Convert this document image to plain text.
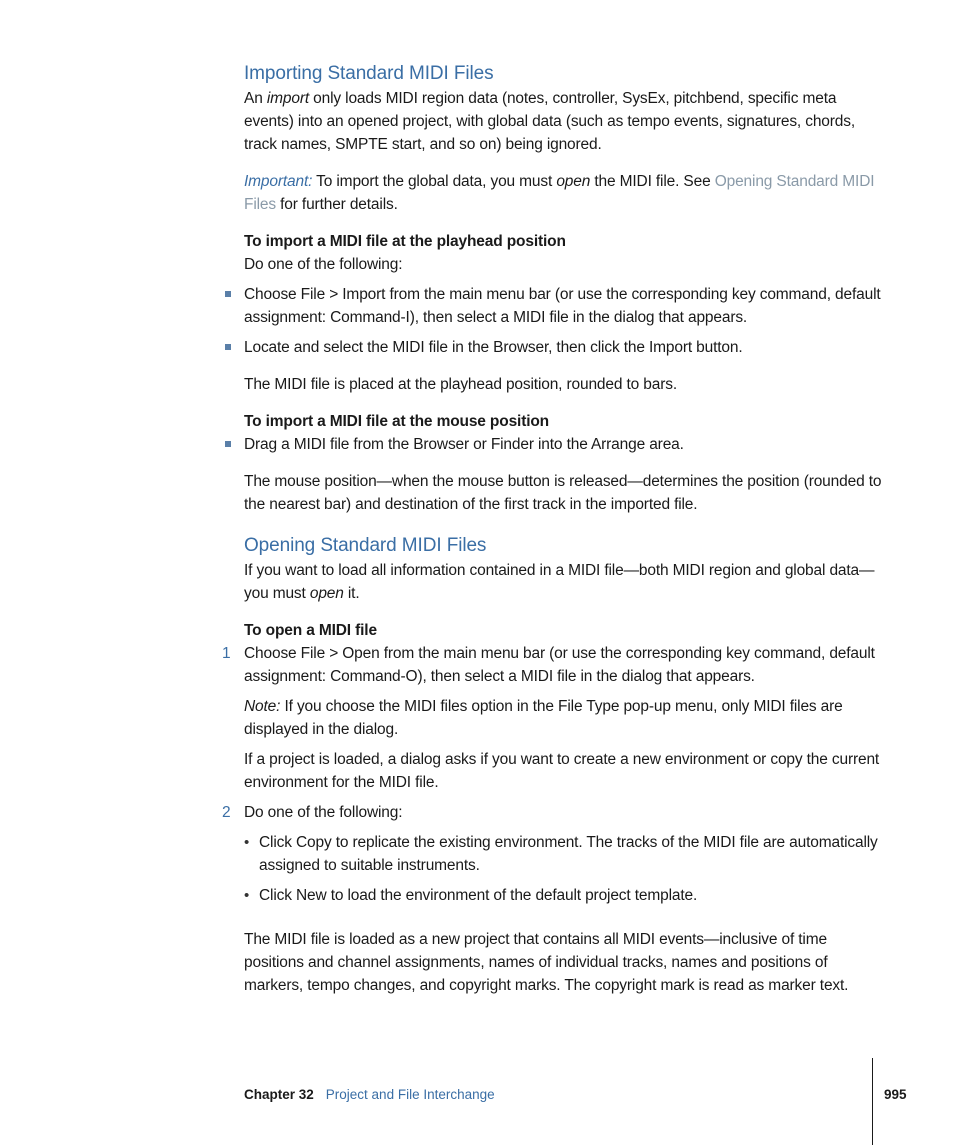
Importing Standard MIDI Files

An import only loads MIDI region data (notes, controller, SysEx, pitchbend, specific meta events) into an opened project, with global data (such as tempo events, signatures, chords, track names, SMPTE start, and so on) being ignored.

Important: To import the global data, you must open the MIDI file. See Opening Standard MIDI Files for further details.

To import a MIDI file at the playhead position

Do one of the following:

Choose File > Import from the main menu bar (or use the corresponding key command, default assignment: Command-I), then select a MIDI file in the dialog that appears.

Locate and select the MIDI file in the Browser, then click the Import button.

The MIDI file is placed at the playhead position, rounded to bars.

To import a MIDI file at the mouse position

Drag a MIDI file from the Browser or Finder into the Arrange area.

The mouse position—when the mouse button is released—determines the position (rounded to the nearest bar) and destination of the first track in the imported file.

Opening Standard MIDI Files

If you want to load all information contained in a MIDI file—both MIDI region and global data—you must open it.

To open a MIDI file

1 Choose File > Open from the main menu bar (or use the corresponding key command, default assignment: Command-O), then select a MIDI file in the dialog that appears.

Note: If you choose the MIDI files option in the File Type pop-up menu, only MIDI files are displayed in the dialog.

If a project is loaded, a dialog asks if you want to create a new environment or copy the current environment for the MIDI file.

2 Do one of the following:

• Click Copy to replicate the existing environment. The tracks of the MIDI file are automatically assigned to suitable instruments.

• Click New to load the environment of the default project template.

The MIDI file is loaded as a new project that contains all MIDI events—inclusive of time positions and channel assignments, names of individual tracks, names and positions of markers, tempo changes, and copyright marks. The copyright mark is read as marker text.

Chapter 32 Project and File Interchange	995
